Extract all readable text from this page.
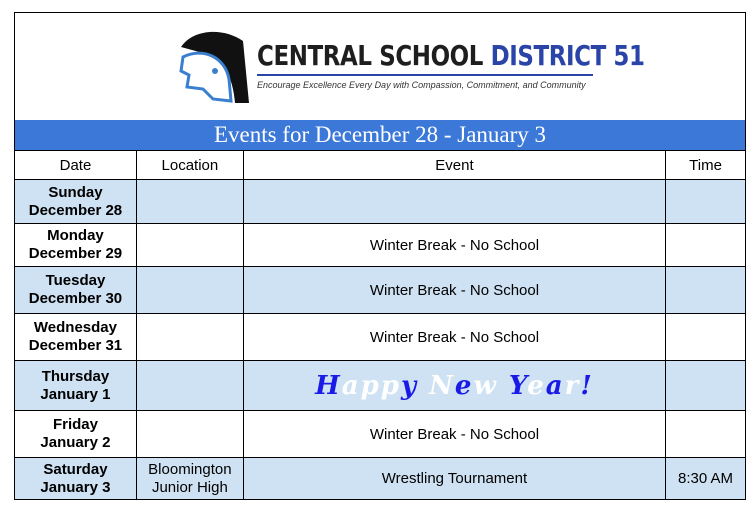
CENTRAL SCHOOL DISTRICT 51
Encourage Excellence Every Day with Compassion, Commitment, and Community
Events for December 28 - January 3
Date	Location	Event	Time
Sunday
December 28			
Monday
December 29		Winter Break - No School	
Tuesday
December 30		Winter Break - No School	
Wednesday
December 31		Winter Break - No School	
Thursday
January 1		Happy New Year!	
Friday
January 2		Winter Break - No School	
Saturday
January 3	Bloomington Junior High	Wrestling Tournament	8:30 AM
